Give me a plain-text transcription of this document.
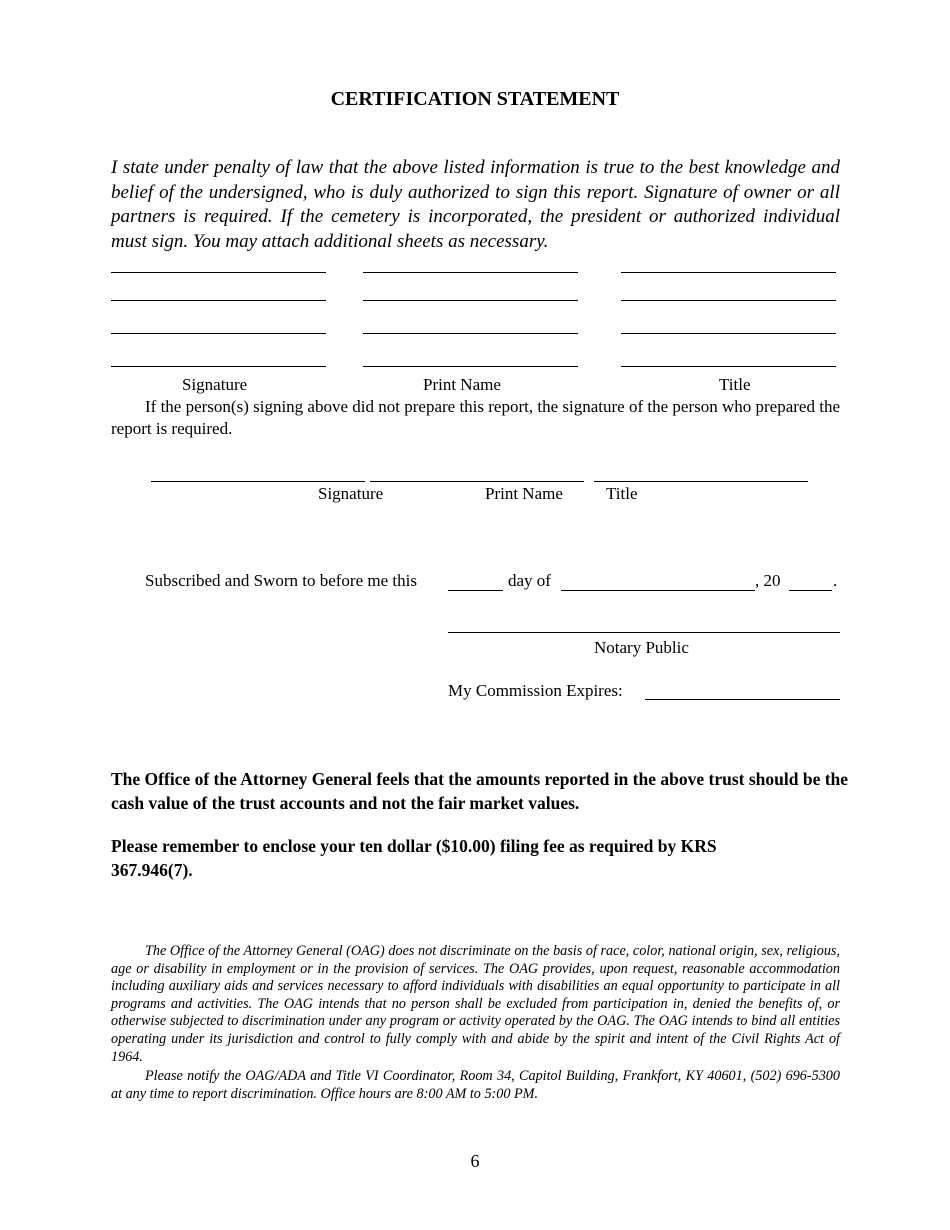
CERTIFICATION STATEMENT
I state under penalty of law that the above listed information is true to the best knowledge and belief of the undersigned, who is duly authorized to sign this report. Signature of owner or all partners is required. If the cemetery is incorporated, the president or authorized individual must sign. You may attach additional sheets as necessary.
Signature	Print Name	Title
If the person(s) signing above did not prepare this report, the signature of the person who prepared the report is required.
Signature	Print Name	Title
Subscribed and Sworn to before me this	day of	, 20	.
Notary Public
My Commission Expires:
The Office of the Attorney General feels that the amounts reported in the above trust should be the cash value of the trust accounts and not the fair market values.
Please remember to enclose your ten dollar ($10.00) filing fee as required by KRS 367.946(7).
The Office of the Attorney General (OAG) does not discriminate on the basis of race, color, national origin, sex, religious, age or disability in employment or in the provision of services. The OAG provides, upon request, reasonable accommodation including auxiliary aids and services necessary to afford individuals with disabilities an equal opportunity to participate in all programs and activities. The OAG intends that no person shall be excluded from participation in, denied the benefits of, or otherwise subjected to discrimination under any program or activity operated by the OAG. The OAG intends to bind all entities operating under its jurisdiction and control to fully comply with and abide by the spirit and intent of the Civil Rights Act of 1964.
Please notify the OAG/ADA and Title VI Coordinator, Room 34, Capitol Building, Frankfort, KY 40601, (502) 696-5300 at any time to report discrimination. Office hours are 8:00 AM to 5:00 PM.
6
